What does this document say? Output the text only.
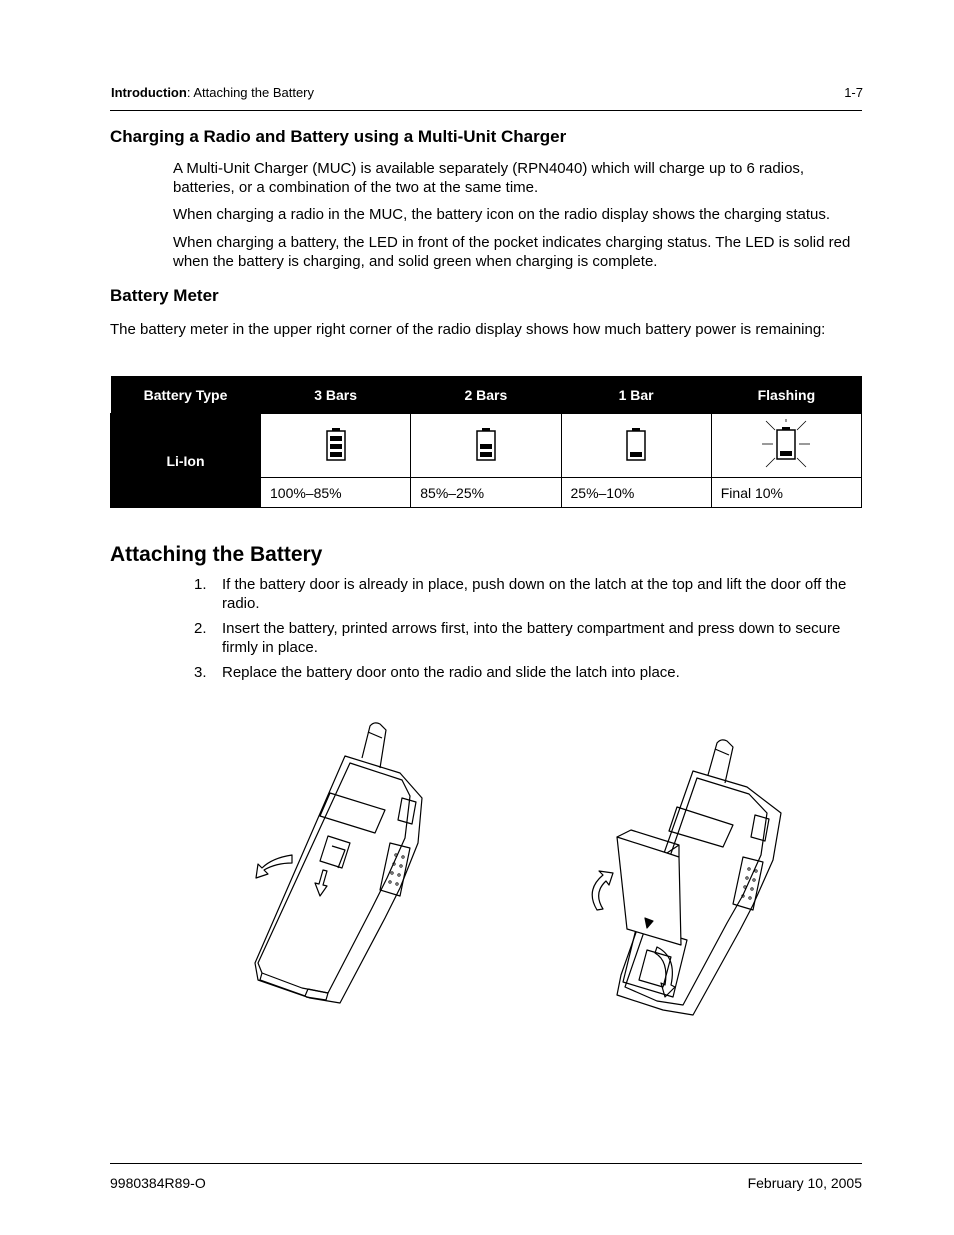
Introduction: Attaching the Battery	1-7
Charging a Radio and Battery using a Multi-Unit Charger

A Multi-Unit Charger (MUC) is available separately (RPN4040) which will charge up to 6 radios, batteries, or a combination of the two at the same time.

When charging a radio in the MUC, the battery icon on the radio display shows the charging status.

When charging a battery, the LED in front of the pocket indicates charging status. The LED is solid red when the battery is charging, and solid green when charging is complete.

Battery Meter

The battery meter in the upper right corner of the radio display shows how much battery power is remaining:

Battery Type	3 Bars	2 Bars	1 Bar	Flashing
Li-Ion				
	100%–85%	85%–25%	25%–10%	Final 10%
Attaching the Battery
1. If the battery door is already in place, push down on the latch at the top and lift the door off the radio.
2. Insert the battery, printed arrows first, into the battery compartment and press down to secure firmly in place.
3. Replace the battery door onto the radio and slide the latch into place.
9980384R89-O	February 10, 2005
